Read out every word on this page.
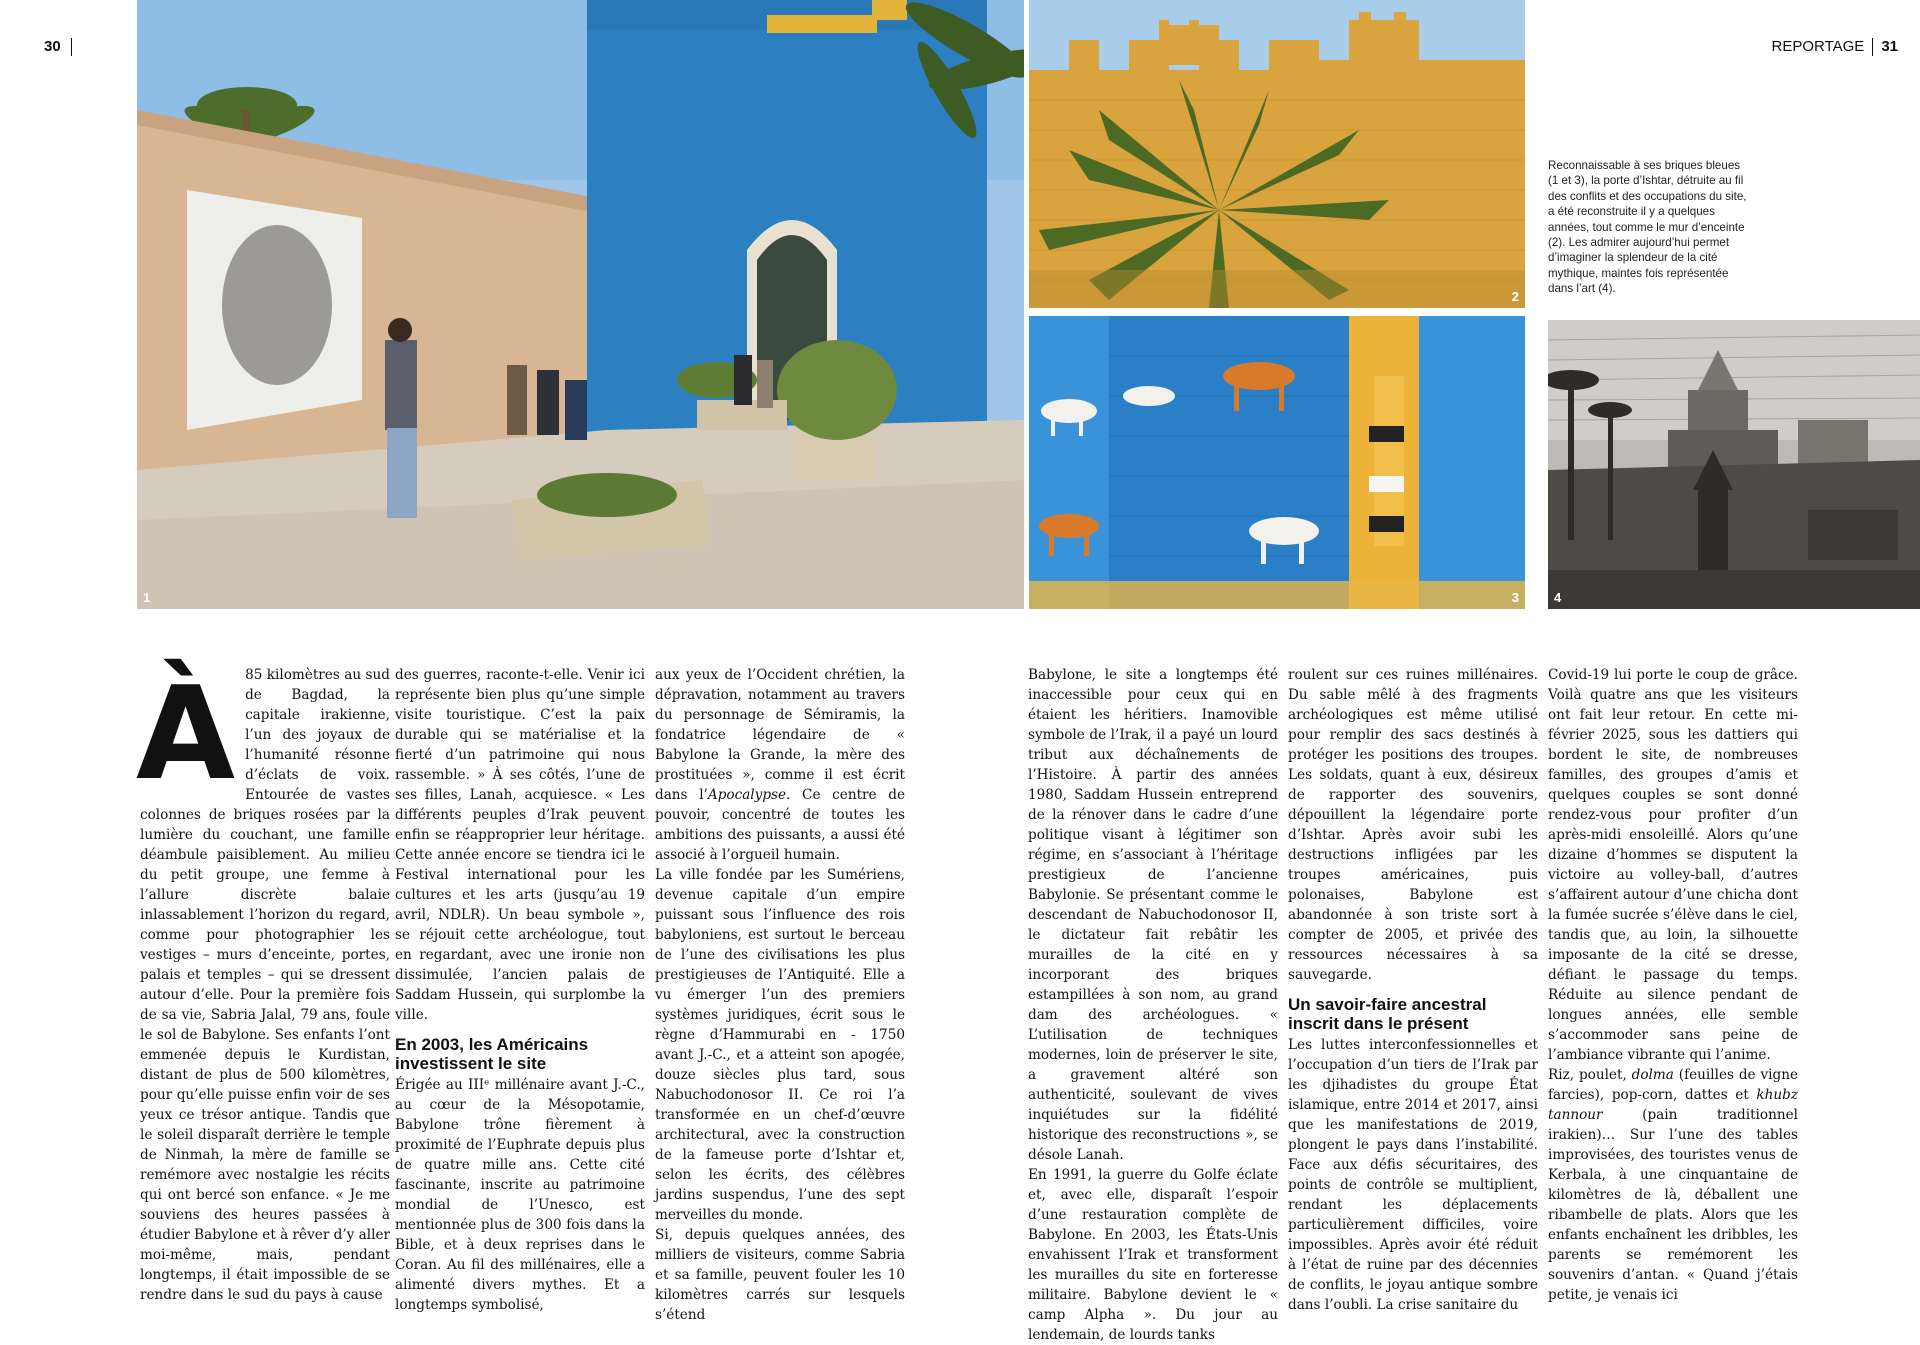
30	REPORTAGE 31
1
2
3
Reconnaissable à ses briques bleues (1 et 3), la porte d’Ishtar, détruite au fil des conflits et des occupations du site, a été reconstruite il y a quelques années, tout comme le mur d’enceinte (2). Les admirer aujourd’hui permet d’imaginer la splendeur de la cité mythique, maintes fois représentée dans l’art (4).
4

À 85 kilomètres au sud de Bagdad, la capitale irakienne, l’un des joyaux de l’humanité résonne d’éclats de voix. Entourée de vastes colonnes de briques rosées par la lumière du couchant, une famille déambule paisiblement. Au milieu du petit groupe, une femme à l’allure discrète balaie inlassablement l’horizon du regard, comme pour photographier les vestiges – murs d’enceinte, portes, palais et temples – qui se dressent autour d’elle. Pour la première fois de sa vie, Sabria Jalal, 79 ans, foule le sol de Babylone. Ses enfants l’ont emmenée depuis le Kurdistan, distant de plus de 500 kilomètres, pour qu’elle puisse enfin voir de ses yeux ce trésor antique. Tandis que le soleil disparaît derrière le temple de Ninmah, la mère de famille se remémore avec nostalgie les récits qui ont bercé son enfance. « Je me souviens des heures passées à étudier Babylone et à rêver d’y aller moi-même, mais, pendant longtemps, il était impossible de se rendre dans le sud du pays à cause

des guerres, raconte-t-elle. Venir ici représente bien plus qu’une simple visite touristique. C’est la paix durable qui se matérialise et la fierté d’un patrimoine qui nous rassemble. » À ses côtés, l’une de ses filles, Lanah, acquiesce. « Les différents peuples d’Irak peuvent enfin se réapproprier leur héritage. Cette année encore se tiendra ici le Festival international pour les cultures et les arts (jusqu’au 19 avril, NDLR). Un beau symbole », se réjouit cette archéologue, tout en regardant, avec une ironie non dissimulée, l’ancien palais de Saddam Hussein, qui surplombe la ville.

En 2003, les Américains investissent le site

Érigée au IIIᵉ millénaire avant J.-C., au cœur de la Mésopotamie, Babylone trône fièrement à proximité de l’Euphrate depuis plus de quatre mille ans. Cette cité fascinante, inscrite au patrimoine mondial de l’Unesco, est mentionnée plus de 300 fois dans la Bible, et à deux reprises dans le Coran. Au fil des millénaires, elle a alimenté divers mythes. Et a longtemps symbolisé,

aux yeux de l’Occident chrétien, la dépravation, notamment au travers du personnage de Sémiramis, la fondatrice légendaire de « Babylone la Grande, la mère des prostituées », comme il est écrit dans l’Apocalypse. Ce centre de pouvoir, concentré de toutes les ambitions des puissants, a aussi été associé à l’orgueil humain.

La ville fondée par les Sumériens, devenue capitale d’un empire puissant sous l’influence des rois babyloniens, est surtout le berceau de l’une des civilisations les plus prestigieuses de l’Antiquité. Elle a vu émerger l’un des premiers systèmes juridiques, écrit sous le règne d’Hammurabi en - 1750 avant J.-C., et a atteint son apogée, douze siècles plus tard, sous Nabuchodonosor II. Ce roi l’a transformée en un chef-d’œuvre architectural, avec la construction de la fameuse porte d’Ishtar et, selon les écrits, des célèbres jardins suspendus, l’une des sept merveilles du monde.

Si, depuis quelques années, des milliers de visiteurs, comme Sabria et sa famille, peuvent fouler les 10 kilomètres carrés sur lesquels s’étend

Babylone, le site a longtemps été inaccessible pour ceux qui en étaient les héritiers. Inamovible symbole de l’Irak, il a payé un lourd tribut aux déchaînements de l’Histoire. À partir des années 1980, Saddam Hussein entreprend de la rénover dans le cadre d’une politique visant à légitimer son régime, en s’associant à l’héritage prestigieux de l’ancienne Babylonie. Se présentant comme le descendant de Nabuchodonosor II, le dictateur fait rebâtir les murailles de la cité en y incorporant des briques estampillées à son nom, au grand dam des archéologues. « L’utilisation de techniques modernes, loin de préserver le site, a gravement altéré son authenticité, soulevant de vives inquiétudes sur la fidélité historique des reconstructions », se désole Lanah.

En 1991, la guerre du Golfe éclate et, avec elle, disparaît l’espoir d’une restauration complète de Babylone. En 2003, les États-Unis envahissent l’Irak et transforment les murailles du site en forteresse militaire. Babylone devient le « camp Alpha ». Du jour au lendemain, de lourds tanks

roulent sur ces ruines millénaires. Du sable mêlé à des fragments archéologiques est même utilisé pour remplir des sacs destinés à protéger les positions des troupes. Les soldats, quant à eux, désireux de rapporter des souvenirs, dépouillent la légendaire porte d’Ishtar. Après avoir subi les destructions infligées par les troupes américaines, puis polonaises, Babylone est abandonnée à son triste sort à compter de 2005, et privée des ressources nécessaires à sa sauvegarde.

Un savoir-faire ancestral inscrit dans le présent

Les luttes interconfessionnelles et l’occupation d’un tiers de l’Irak par les djihadistes du groupe État islamique, entre 2014 et 2017, ainsi que les manifestations de 2019, plongent le pays dans l’instabilité. Face aux défis sécuritaires, des points de contrôle se multiplient, rendant les déplacements particulièrement difficiles, voire impossibles. Après avoir été réduit à l’état de ruine par des décennies de conflits, le joyau antique sombre dans l’oubli. La crise sanitaire du

Covid-19 lui porte le coup de grâce. Voilà quatre ans que les visiteurs ont fait leur retour. En cette mi-février 2025, sous les dattiers qui bordent le site, de nombreuses familles, des groupes d’amis et quelques couples se sont donné rendez-vous pour profiter d’un après-midi ensoleillé. Alors qu’une dizaine d’hommes se disputent la victoire au volley-ball, d’autres s’affairent autour d’une chicha dont la fumée sucrée s’élève dans le ciel, tandis que, au loin, la silhouette imposante de la cité se dresse, défiant le passage du temps. Réduite au silence pendant de longues années, elle semble s’accommoder sans peine de l’ambiance vibrante qui l’anime.

Riz, poulet, dolma (feuilles de vigne farcies), pop-corn, dattes et khubz tannour (pain traditionnel irakien)… Sur l’une des tables improvisées, des touristes venus de Kerbala, à une cinquantaine de kilomètres de là, déballent une ribambelle de plats. Alors que les enfants enchaînent les dribbles, les parents se remémorent les souvenirs d’antan. « Quand j’étais petite, je venais ici
